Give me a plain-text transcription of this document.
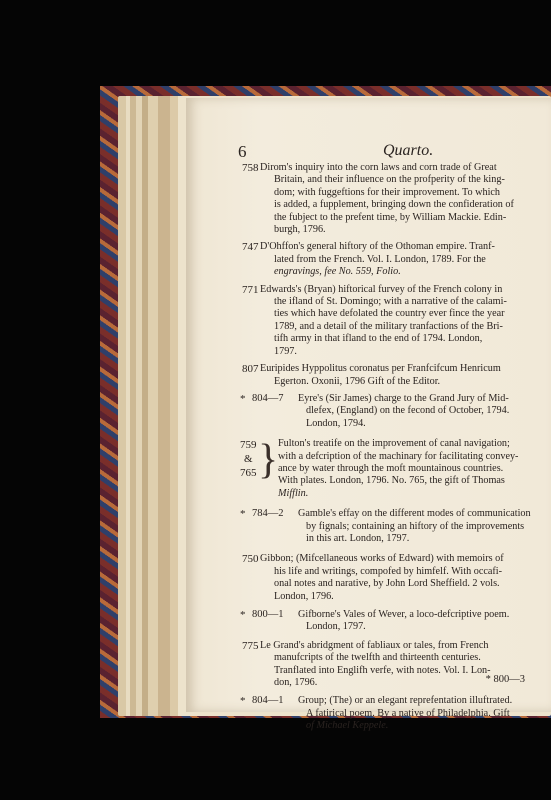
6	Quarto.
758 Dirom's inquiry into the corn laws and corn trade of Great
Britain, and their influence on the profperity of the king-
dom; with fuggeftions for their improvement. To which
is added, a fupplement, bringing down the confideration of
the fubject to the prefent time, by William Mackie. Edin-
burgh, 1796.
747 D'Ohffon's general hiftory of the Othoman empire. Tranf-
lated from the French. Vol. I. London, 1789. For the
engravings, fee No. 559, Folio.
771 Edwards's (Bryan) hiftorical furvey of the French colony in
the ifland of St. Domingo; with a narrative of the calami-
ties which have defolated the country ever fince the year
1789, and a detail of the military tranfactions of the Bri-
tifh army in that ifland to the end of 1794. London,
1797.
807 Euripides Hyppolitus coronatus per Franfcifcum Henricum
Egerton. Oxonii, 1796 Gift of the Editor.
* 804—7 Eyre's (Sir James) charge to the Grand Jury of Mid-
dlefex, (England) on the fecond of October, 1794.
London, 1794.
759
&
765 } Fulton's treatife on the improvement of canal navigation;
with a defcription of the machinary for facilitating convey-
ance by water through the moft mountainous countries.
With plates. London, 1796. No. 765, the gift of Thomas
Mifflin.
* 784—2 Gamble's effay on the different modes of communication
by fignals; containing an hiftory of the improvements
in this art. London, 1797.
750 Gibbon; (Mifcellaneous works of Edward) with memoirs of
his life and writings, compofed by himfelf. With occafi-
onal notes and narative, by John Lord Sheffield. 2 vols.
London, 1796.
* 800—1 Gifborne's Vales of Wever, a loco-defcriptive poem.
London, 1797.
775 Le Grand's abridgment of fabliaux or tales, from French
manufcripts of the twelfth and thirteenth centuries.
Tranflated into Englifh verfe, with notes. Vol. I. Lon-
don, 1796.
* 804—1 Group; (The) or an elegant reprefentation illuftrated.
A fatirical poem. By a native of Philadelphia. Gift
of Michael Keppele.
* 800—3
